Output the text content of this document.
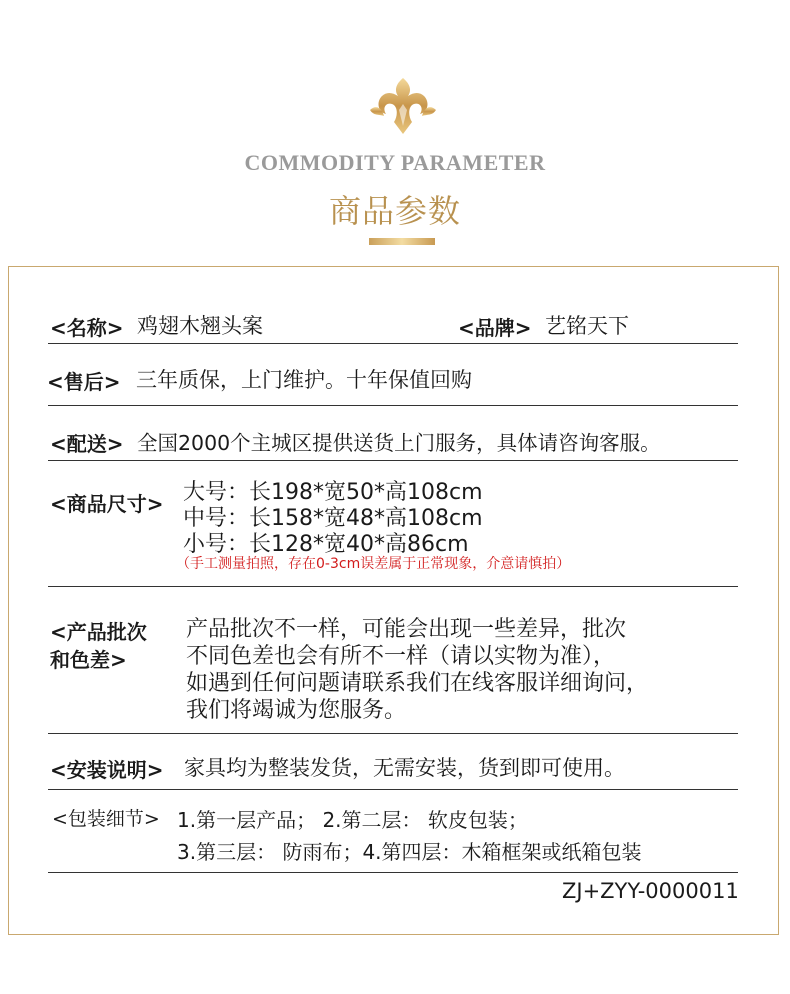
COMMODITY PARAMETER
商品参数
<名称> 鸡翅木翘头案	<品牌> 艺铭天下
<售后> 三年质保，上门维护。十年保值回购
<配送> 全国2000个主城区提供送货上门服务，具体请咨询客服。
<商品尺寸> 大号：长198*宽50*高108cm
中号：长158*宽48*高108cm
小号：长128*宽40*高86cm
（手工测量拍照，存在0-3cm误差属于正常现象，介意请慎拍）
<产品批次
和色差>
产品批次不一样，可能会出现一些差异，批次
不同色差也会有所不一样（请以实物为准），
如遇到任何问题请联系我们在线客服详细询问，
我们将竭诚为您服务。
<安装说明> 家具均为整装发货，无需安装，货到即可使用。
<包装细节> 1.第一层产品； 2.第二层： 软皮包装；
3.第三层： 防雨布；4.第四层：木箱框架或纸箱包装
ZJ+ZYY-0000011
